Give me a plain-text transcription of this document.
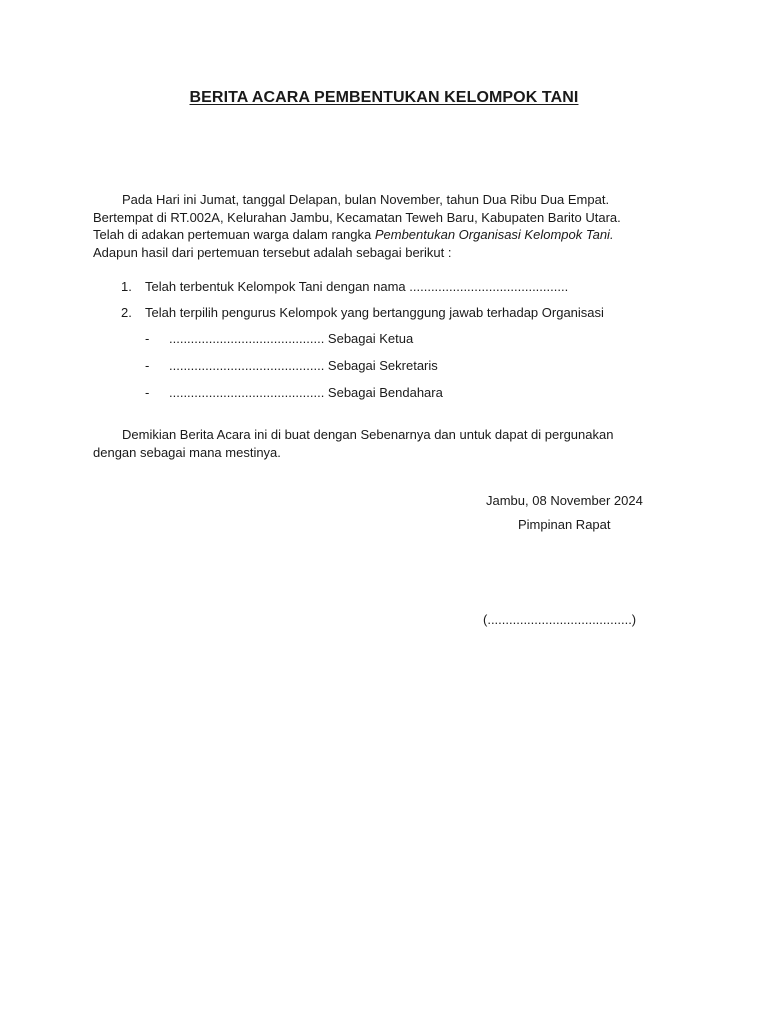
BERITA ACARA PEMBENTUKAN KELOMPOK TANI
Pada Hari ini Jumat, tanggal Delapan, bulan November, tahun Dua Ribu Dua Empat.
Bertempat di RT.002A, Kelurahan Jambu, Kecamatan Teweh Baru, Kabupaten Barito Utara.
Telah di adakan pertemuan warga dalam rangka Pembentukan Organisasi Kelompok Tani.
Adapun hasil dari pertemuan tersebut adalah sebagai berikut :
1. Telah terbentuk Kelompok Tani dengan nama ............................................
2. Telah terpilih pengurus Kelompok yang bertanggung jawab terhadap Organisasi
- ........................................... Sebagai Ketua
- ........................................... Sebagai Sekretaris
- ........................................... Sebagai Bendahara
Demikian Berita Acara ini di buat dengan Sebenarnya dan untuk dapat di pergunakan
dengan sebagai mana mestinya.
Jambu, 08 November 2024
Pimpinan Rapat
(........................................)
